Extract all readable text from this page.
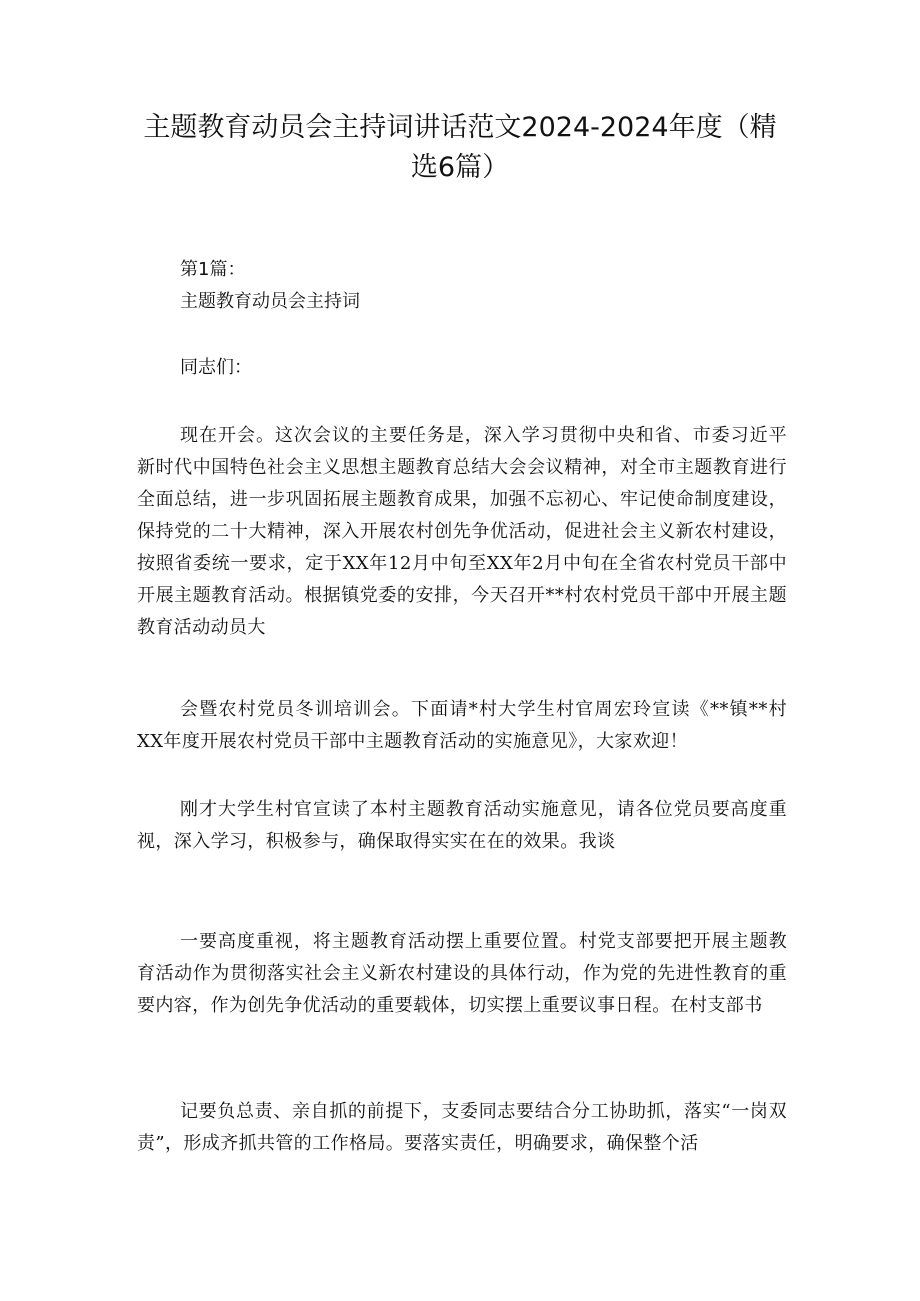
主题教育动员会主持词讲话范文2024-2024年度（精选6篇）
第1篇：
主题教育动员会主持词
同志们：

现在开会。这次会议的主要任务是，深入学习贯彻中央和省、市委习近平新时代中国特色社会主义思想主题教育总结大会会议精神，对全市主题教育进行全面总结，进一步巩固拓展主题教育成果，加强不忘初心、牢记使命制度建设，保持党的二十大精神，深入开展农村创先争优活动，促进社会主义新农村建设，按照省委统一要求，定于XX年12月中旬至XX年2月中旬在全省农村党员干部中开展主题教育活动。根据镇党委的安排，今天召开**村农村党员干部中开展主题教育活动动员大

会暨农村党员冬训培训会。下面请*村大学生村官周宏玲宣读《**镇**村XX年度开展农村党员干部中主题教育活动的实施意见》，大家欢迎！

刚才大学生村官宣读了本村主题教育活动实施意见，请各位党员要高度重视，深入学习，积极参与，确保取得实实在在的效果。我谈

一要高度重视，将主题教育活动摆上重要位置。村党支部要把开展主题教育活动作为贯彻落实社会主义新农村建设的具体行动，作为党的先进性教育的重要内容，作为创先争优活动的重要载体，切实摆上重要议事日程。在村支部书

记要负总责、亲自抓的前提下，支委同志要结合分工协助抓，落实“一岗双责”，形成齐抓共管的工作格局。要落实责任，明确要求，确保整个活
